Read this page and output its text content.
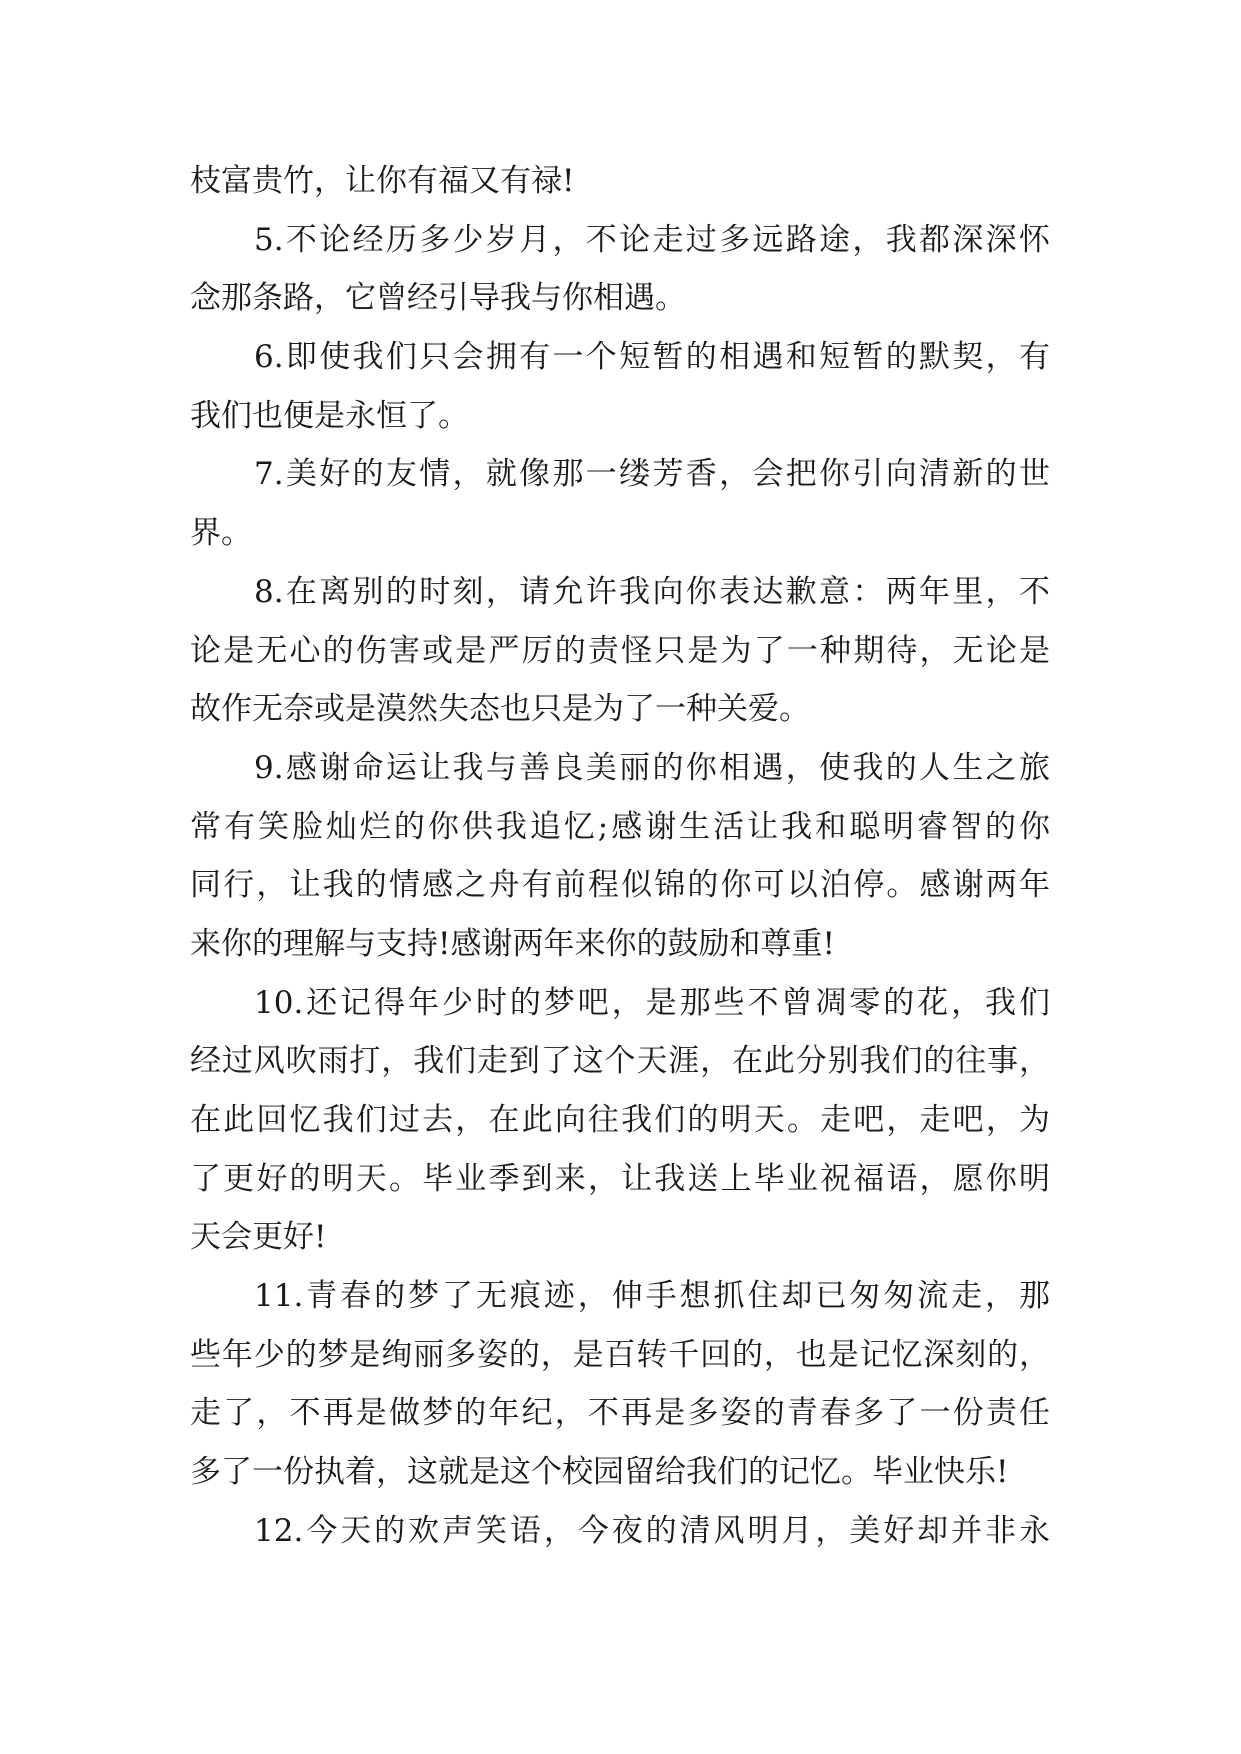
枝富贵竹，让你有福又有禄!
5.不论经历多少岁月，不论走过多远路途，我都深深怀
念那条路，它曾经引导我与你相遇。
6.即使我们只会拥有一个短暂的相遇和短暂的默契，有
我们也便是永恒了。
7.美好的友情，就像那一缕芳香，会把你引向清新的世
界。
8.在离别的时刻，请允许我向你表达歉意：两年里，不
论是无心的伤害或是严厉的责怪只是为了一种期待，无论是
故作无奈或是漠然失态也只是为了一种关爱。
9.感谢命运让我与善良美丽的你相遇，使我的人生之旅
常有笑脸灿烂的你供我追忆;感谢生活让我和聪明睿智的你
同行，让我的情感之舟有前程似锦的你可以泊停。感谢两年
来你的理解与支持!感谢两年来你的鼓励和尊重!
10.还记得年少时的梦吧，是那些不曾凋零的花，我们
经过风吹雨打，我们走到了这个天涯，在此分别我们的往事，
在此回忆我们过去，在此向往我们的明天。走吧，走吧，为
了更好的明天。毕业季到来，让我送上毕业祝福语，愿你明
天会更好!
11.青春的梦了无痕迹，伸手想抓住却已匆匆流走，那
些年少的梦是绚丽多姿的，是百转千回的，也是记忆深刻的，
走了，不再是做梦的年纪，不再是多姿的青春多了一份责任
多了一份执着，这就是这个校园留给我们的记忆。毕业快乐!
12.今天的欢声笑语，今夜的清风明月，美好却并非永
